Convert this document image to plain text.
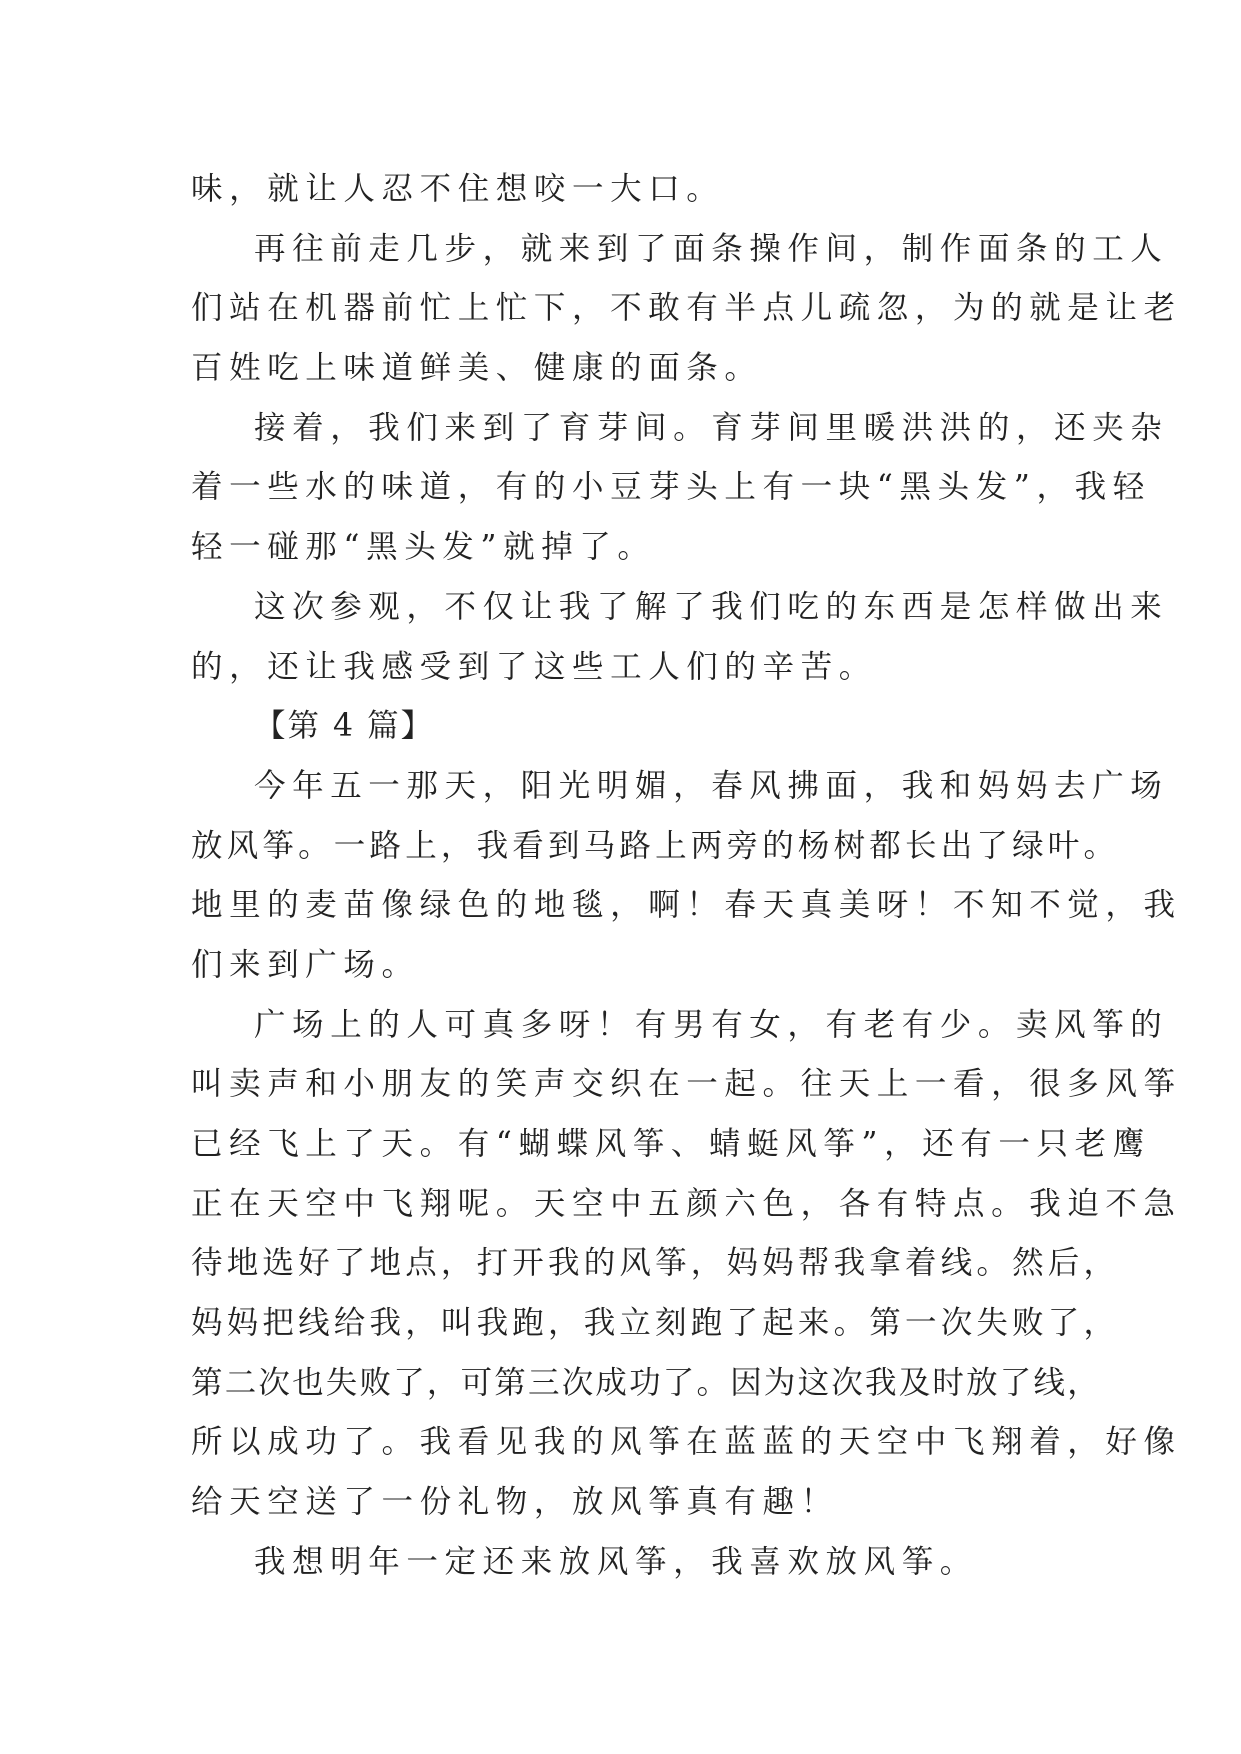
味，就让人忍不住想咬一大口。
再往前走几步，就来到了面条操作间，制作面条的工人
们站在机器前忙上忙下，不敢有半点儿疏忽，为的就是让老
百姓吃上味道鲜美、健康的面条。
接着，我们来到了育芽间。育芽间里暖洪洪的，还夹杂
着一些水的味道，有的小豆芽头上有一块“黑头发”，我轻
轻一碰那“黑头发”就掉了。
这次参观，不仅让我了解了我们吃的东西是怎样做出来
的，还让我感受到了这些工人们的辛苦。
【第 4 篇】
今年五一那天，阳光明媚，春风拂面，我和妈妈去广场
放风筝。一路上，我看到马路上两旁的杨树都长出了绿叶。
地里的麦苗像绿色的地毯，啊！春天真美呀！不知不觉，我
们来到广场。
广场上的人可真多呀！有男有女，有老有少。卖风筝的
叫卖声和小朋友的笑声交织在一起。往天上一看，很多风筝
已经飞上了天。有“蝴蝶风筝、蜻蜓风筝”，还有一只老鹰
正在天空中飞翔呢。天空中五颜六色，各有特点。我迫不急
待地选好了地点，打开我的风筝，妈妈帮我拿着线。然后，
妈妈把线给我，叫我跑，我立刻跑了起来。第一次失败了，
第二次也失败了，可第三次成功了。因为这次我及时放了线，
所以成功了。我看见我的风筝在蓝蓝的天空中飞翔着，好像
给天空送了一份礼物，放风筝真有趣！
我想明年一定还来放风筝，我喜欢放风筝。
